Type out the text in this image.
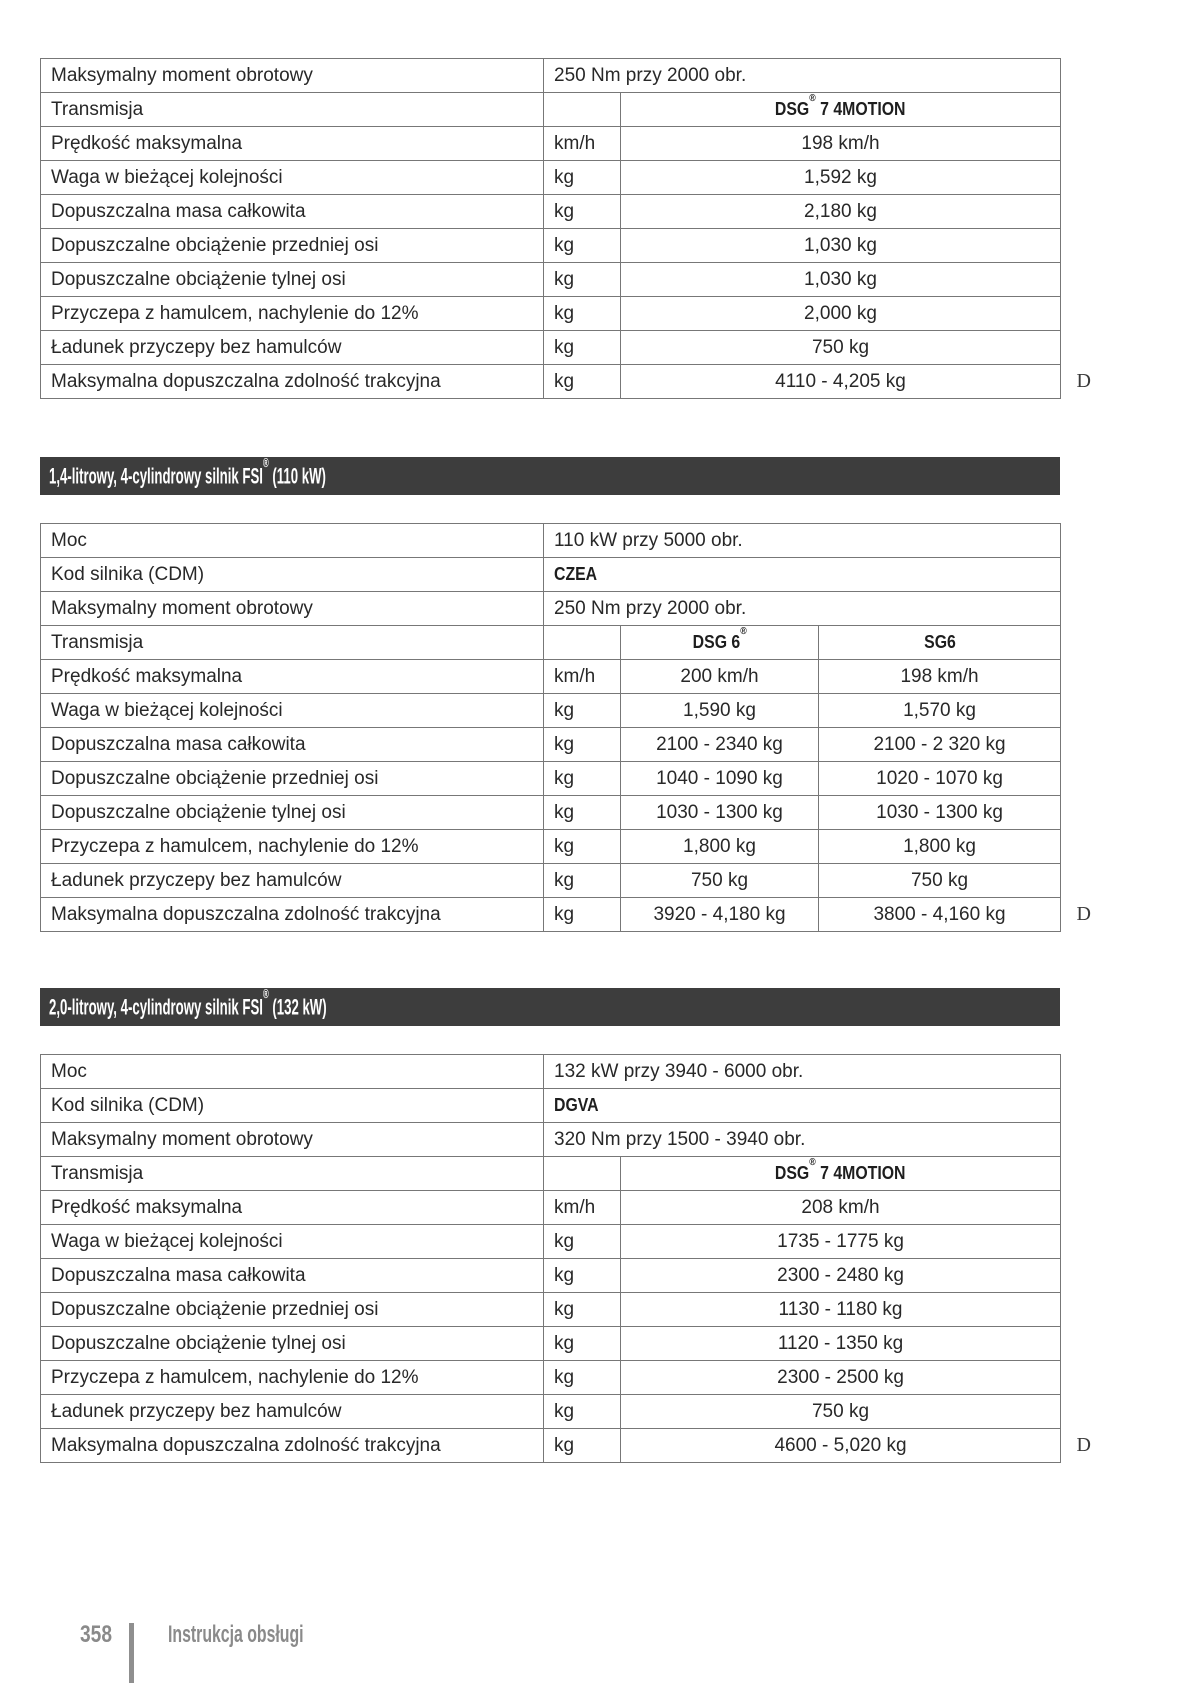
Maksymalny moment obrotowy	250 Nm przy 2000 obr.	
Transmisja		DSG® 7 4MOTION
Prędkość maksymalna	km/h	198 km/h
Waga w bieżącej kolejności	kg	1,592 kg
Dopuszczalna masa całkowita	kg	2,180 kg
Dopuszczalne obciążenie przedniej osi	kg	1,030 kg
Dopuszczalne obciążenie tylnej osi	kg	1,030 kg
Przyczepa z hamulcem, nachylenie do 12%	kg	2,000 kg
Ładunek przyczepy bez hamulców	kg	750 kg
Maksymalna dopuszczalna zdolność trakcyjna	kg	4110 - 4,205 kg	D
1,4-litrowy, 4-cylindrowy silnik FSI® (110 kW)
Moc	110 kW przy 5000 obr.		
Kod silnika (CDM)	CZEA		
Maksymalny moment obrotowy	250 Nm przy 2000 obr.		
Transmisja		DSG 6®	SG6
Prędkość maksymalna	km/h	200 km/h	198 km/h
Waga w bieżącej kolejności	kg	1,590 kg	1,570 kg
Dopuszczalna masa całkowita	kg	2100 - 2340 kg	2100 - 2 320 kg
Dopuszczalne obciążenie przedniej osi	kg	1040 - 1090 kg	1020 - 1070 kg
Dopuszczalne obciążenie tylnej osi	kg	1030 - 1300 kg	1030 - 1300 kg
Przyczepa z hamulcem, nachylenie do 12%	kg	1,800 kg	1,800 kg
Ładunek przyczepy bez hamulców	kg	750 kg	750 kg
Maksymalna dopuszczalna zdolność trakcyjna	kg	3920 - 4,180 kg	3800 - 4,160 kg	D
2,0-litrowy, 4-cylindrowy silnik FSI® (132 kW)
Moc	132 kW przy 3940 - 6000 obr.	
Kod silnika (CDM)	DGVA	
Maksymalny moment obrotowy	320 Nm przy 1500 - 3940 obr.	
Transmisja		DSG® 7 4MOTION
Prędkość maksymalna	km/h	208 km/h
Waga w bieżącej kolejności	kg	1735 - 1775 kg
Dopuszczalna masa całkowita	kg	2300 - 2480 kg
Dopuszczalne obciążenie przedniej osi	kg	1130 - 1180 kg
Dopuszczalne obciążenie tylnej osi	kg	1120 - 1350 kg
Przyczepa z hamulcem, nachylenie do 12%	kg	2300 - 2500 kg
Ładunek przyczepy bez hamulców	kg	750 kg
Maksymalna dopuszczalna zdolność trakcyjna	kg	4600 - 5,020 kg	D
358 Instrukcja obsługi
